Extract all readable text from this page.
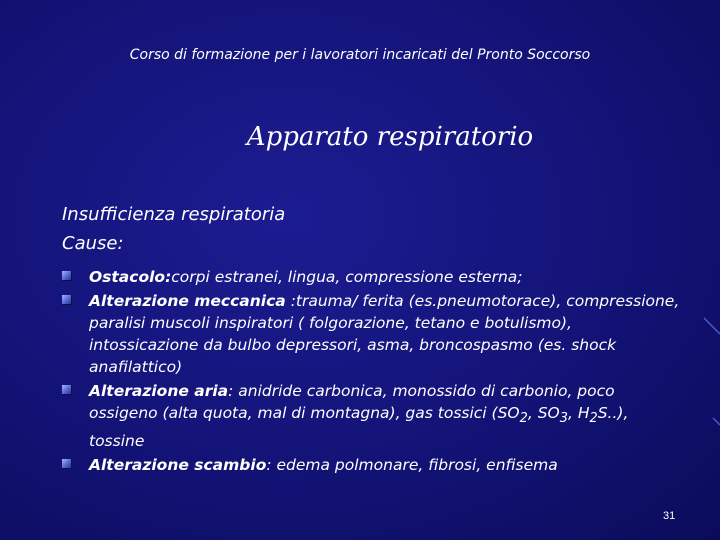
Corso di formazione per i lavoratori incaricati del Pronto Soccorso
Apparato respiratorio
Insufficienza respiratoria
Cause:
Ostacolo:corpi estranei, lingua, compressione esterna;
Alterazione meccanica :trauma/ ferita (es.pneumotorace), compressione, paralisi muscoli inspiratori ( folgorazione, tetano e botulismo), intossicazione da bulbo depressori, asma, broncospasmo (es. shock anafilattico)
Alterazione aria: anidride carbonica, monossido di carbonio, poco ossigeno (alta quota, mal di montagna), gas tossici ($SO_2$, $SO_3$, $H_2S$..), tossine
Alterazione scambio: edema polmonare, fibrosi, enfisema
31
